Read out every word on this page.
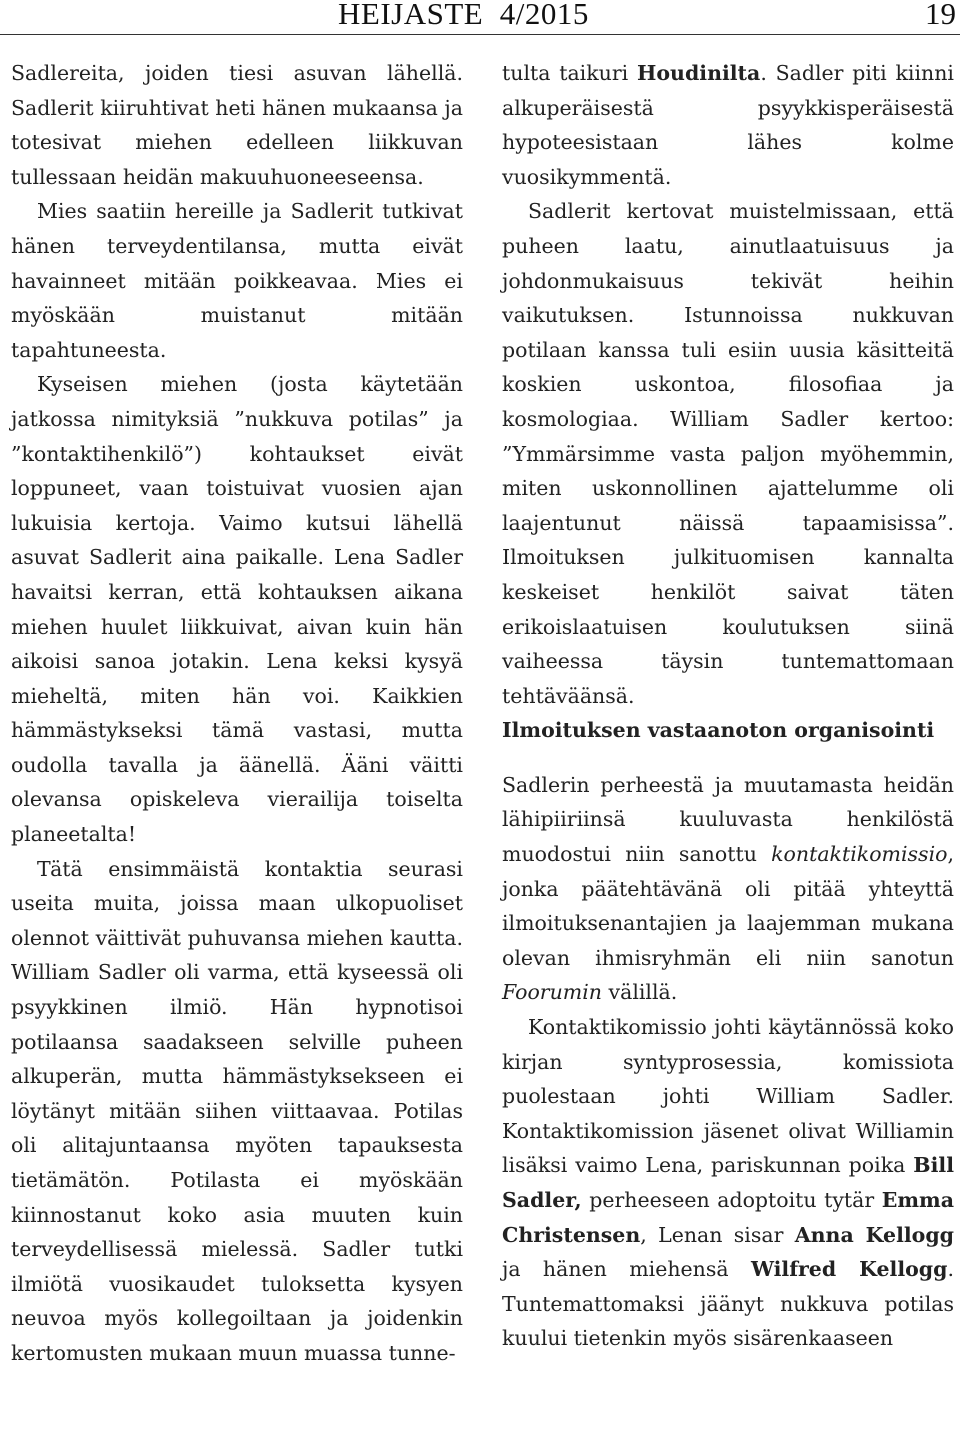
HEIJASTE  4/2015	19

Sadlereita, joiden tiesi asuvan lähellä. Sadlerit kiiruhtivat heti hänen mukaansa ja totesivat miehen edelleen liikkuvan tullessaan heidän makuuhuoneeseensa.

Mies saatiin hereille ja Sadlerit tutkivat hänen terveydentilansa, mutta eivät havainneet mitään poikkeavaa. Mies ei myöskään muistanut mitään tapahtuneesta.

Kyseisen miehen (josta käytetään jatkossa nimityksiä ”nukkuva potilas” ja ”kontaktihenkilö”) kohtaukset eivät loppuneet, vaan toistuivat vuosien ajan lukuisia kertoja. Vaimo kutsui lähellä asuvat Sadlerit aina paikalle. Lena Sadler havaitsi kerran, että kohtauksen aikana miehen huulet liikkuivat, aivan kuin hän aikoisi sanoa jotakin. Lena keksi kysyä mieheltä, miten hän voi. Kaikkien hämmästykseksi tämä vastasi, mutta oudolla tavalla ja äänellä. Ääni väitti olevansa opiskeleva vierailija toiselta planeetalta!

Tätä ensimmäistä kontaktia seurasi useita muita, joissa maan ulkopuoliset olennot väittivät puhuvansa miehen kautta. William Sadler oli varma, että kyseessä oli psyykkinen ilmiö. Hän hypnotisoi potilaansa saadakseen selville puheen alkuperän, mutta hämmästyksekseen ei löytänyt mitään siihen viittaavaa. Potilas oli alitajuntaansa myöten tapauksesta tietämätön. Potilasta ei myöskään kiinnostanut koko asia muuten kuin terveydellisessä mielessä. Sadler tutki ilmiötä vuosikaudet tuloksetta kysyen neuvoa myös kollegoiltaan ja joidenkin kertomusten mukaan muun muassa tunne-

tulta taikuri Houdinilta. Sadler piti kiinni alkuperäisestä psyykkisperäisestä hypoteesistaan lähes kolme vuosikymmentä.

Sadlerit kertovat muistelmissaan, että puheen laatu, ainutlaatuisuus ja johdonmukaisuus tekivät heihin vaikutuksen. Istunnoissa nukkuvan potilaan kanssa tuli esiin uusia käsitteitä koskien uskontoa, filosofiaa ja kosmologiaa. William Sadler kertoo: ”Ymmärsimme vasta paljon myöhemmin, miten uskonnollinen ajattelumme oli laajentunut näissä tapaamisissa”. Ilmoituksen julkituomisen kannalta keskeiset henkilöt saivat täten erikoislaatuisen koulutuksen siinä vaiheessa täysin tuntemattomaan tehtäväänsä.

Ilmoituksen vastaanoton organisointi

Sadlerin perheestä ja muutamasta heidän lähipiiriinsä kuuluvasta henkilöstä muodostui niin sanottu kontaktikomissio, jonka päätehtävänä oli pitää yhteyttä ilmoituksenantajien ja laajemman mukana olevan ihmisryhmän eli niin sanotun Foorumin välillä.

Kontaktikomissio johti käytännössä koko kirjan syntyprosessia, komissiota puolestaan johti William Sadler. Kontaktikomission jäsenet olivat Williamin lisäksi vaimo Lena, pariskunnan poika Bill Sadler, perheeseen adoptoitu tytär Emma Christensen, Lenan sisar Anna Kellogg ja hänen miehensä Wilfred Kellogg. Tuntemattomaksi jäänyt nukkuva potilas kuului tietenkin myös sisärenkaaseen
